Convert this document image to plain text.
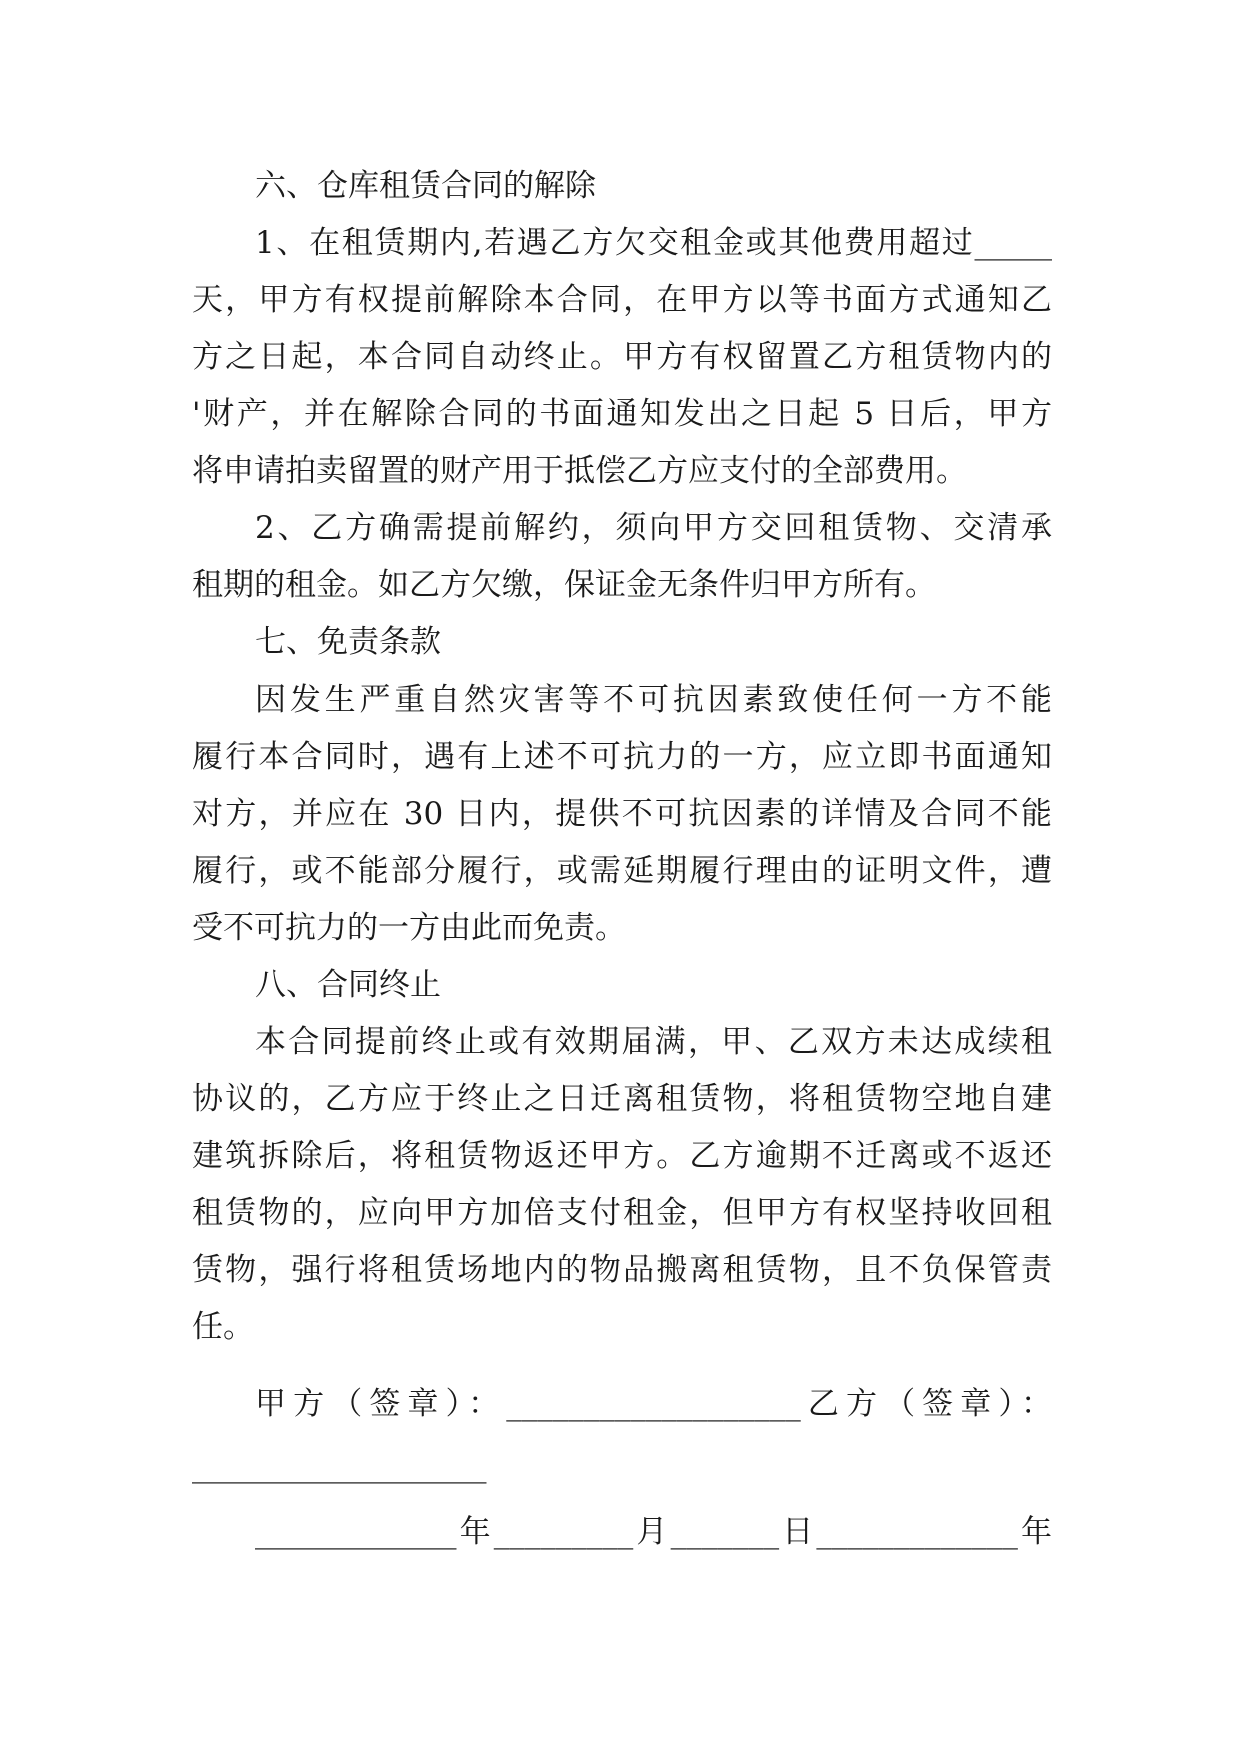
六、仓库租赁合同的解除
1、在租赁期内,若遇乙方欠交租金或其他费用超过_____
天，甲方有权提前解除本合同，在甲方以等书面方式通知乙
方之日起，本合同自动终止。甲方有权留置乙方租赁物内的
'财产，并在解除合同的书面通知发出之日起 5 日后，甲方
将申请拍卖留置的财产用于抵偿乙方应支付的全部费用。
2、乙方确需提前解约，须向甲方交回租赁物、交清承
租期的租金。如乙方欠缴，保证金无条件归甲方所有。
七、免责条款
因发生严重自然灾害等不可抗因素致使任何一方不能
履行本合同时，遇有上述不可抗力的一方，应立即书面通知
对方，并应在 30 日内，提供不可抗因素的详情及合同不能
履行，或不能部分履行，或需延期履行理由的证明文件，遭
受不可抗力的一方由此而免责。
八、合同终止
本合同提前终止或有效期届满，甲、乙双方未达成续租
协议的，乙方应于终止之日迁离租赁物，将租赁物空地自建
建筑拆除后，将租赁物返还甲方。乙方逾期不迁离或不返还
租赁物的，应向甲方加倍支付租金，但甲方有权坚持收回租
赁物，强行将租赁场地内的物品搬离租赁物，且不负保管责
任。
甲方（签章）：___________________乙方（签章）：
___________________
_____________年_________月_______日_____________年
